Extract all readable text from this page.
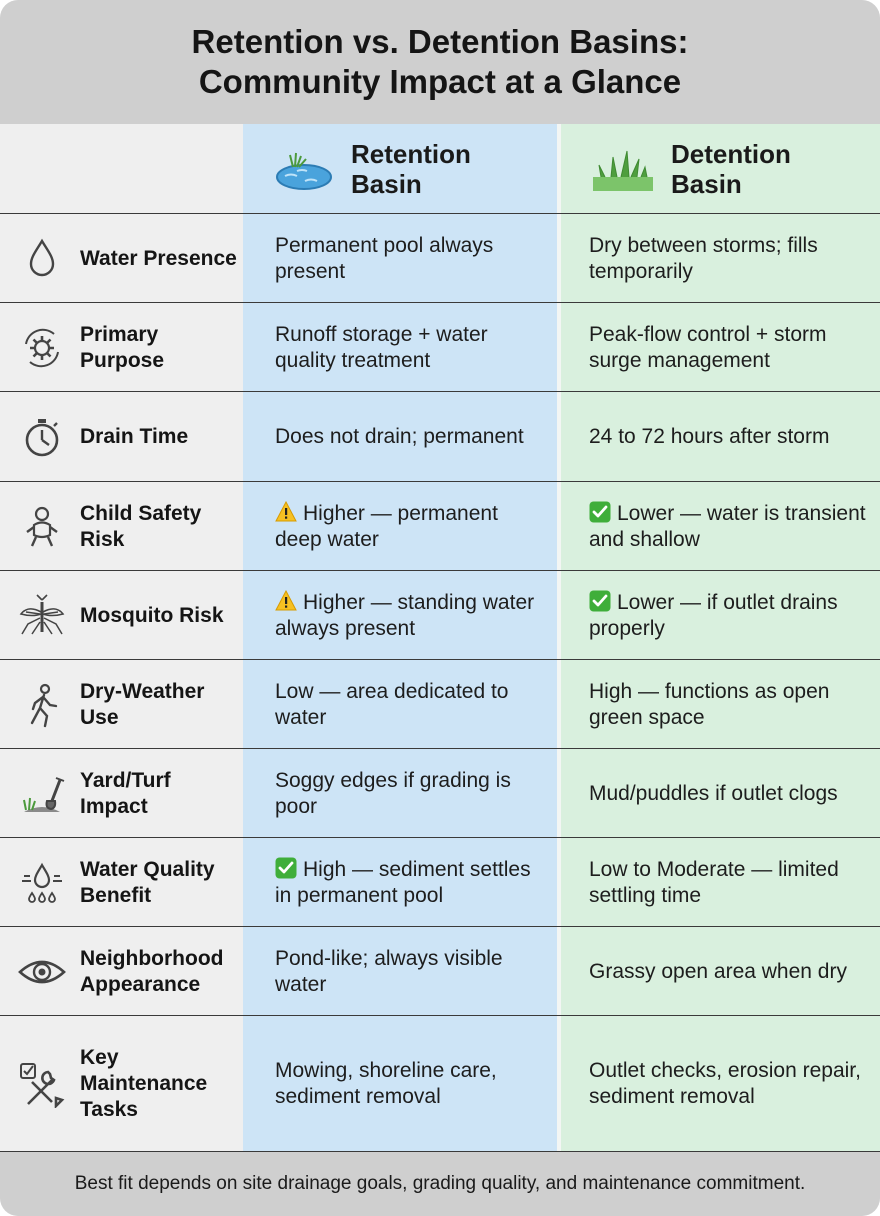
Retention vs. Detention Basins:
Community Impact at a Glance
Retention
Basin
Detention
Basin
Water Presence
Permanent pool always present
Dry between storms; fills temporarily
Primary Purpose
Runoff storage + water quality treatment
Peak-flow control + storm surge management
Drain Time	Does not drain; permanent	24 to 72 hours after storm
Child Safety Risk
Higher — permanent deep water
Lower — water is transient and shallow
Mosquito Risk
Higher — standing water always present
Lower — if outlet drains properly
Dry-Weather Use
Low — area dedicated to water
High — functions as open green space
Yard/Turf Impact
Soggy edges if grading is poor
Mud/puddles if outlet clogs
Water Quality Benefit
High — sediment settles in permanent pool
Low to Moderate — limited settling time
Neighborhood Appearance
Pond-like; always visible water
Grassy open area when dry
Key Maintenance Tasks
Mowing, shoreline care, sediment removal
Outlet checks, erosion repair, sediment removal
Best fit depends on site drainage goals, grading quality, and maintenance commitment.
